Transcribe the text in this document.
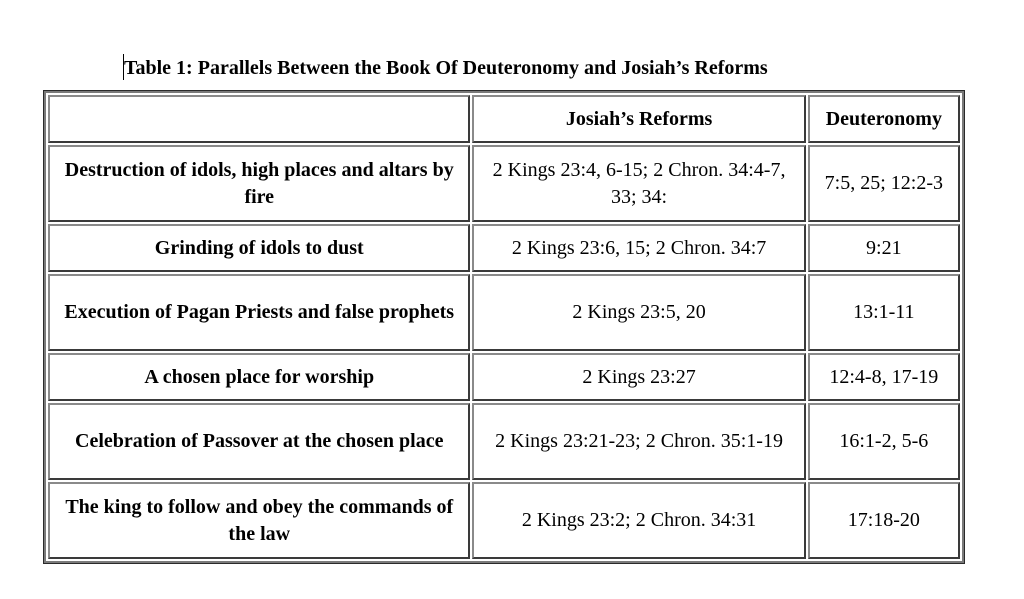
Table 1: Parallels Between the Book Of Deuteronomy and Josiah’s Reforms
	Josiah’s Reforms	Deuteronomy
Destruction of idols, high places and altars by fire	2 Kings 23:4, 6-15; 2 Chron. 34:4-7, 33; 34:	7:5, 25; 12:2-3
Grinding of idols to dust	2 Kings 23:6, 15; 2 Chron. 34:7	9:21
Execution of Pagan Priests and false prophets	2 Kings 23:5, 20	13:1-11
A chosen place for worship	2 Kings 23:27	12:4-8, 17-19
Celebration of Passover at the chosen place	2 Kings 23:21-23; 2 Chron. 35:1-19	16:1-2, 5-6
The king to follow and obey the commands of the law	2 Kings 23:2; 2 Chron. 34:31	17:18-20
